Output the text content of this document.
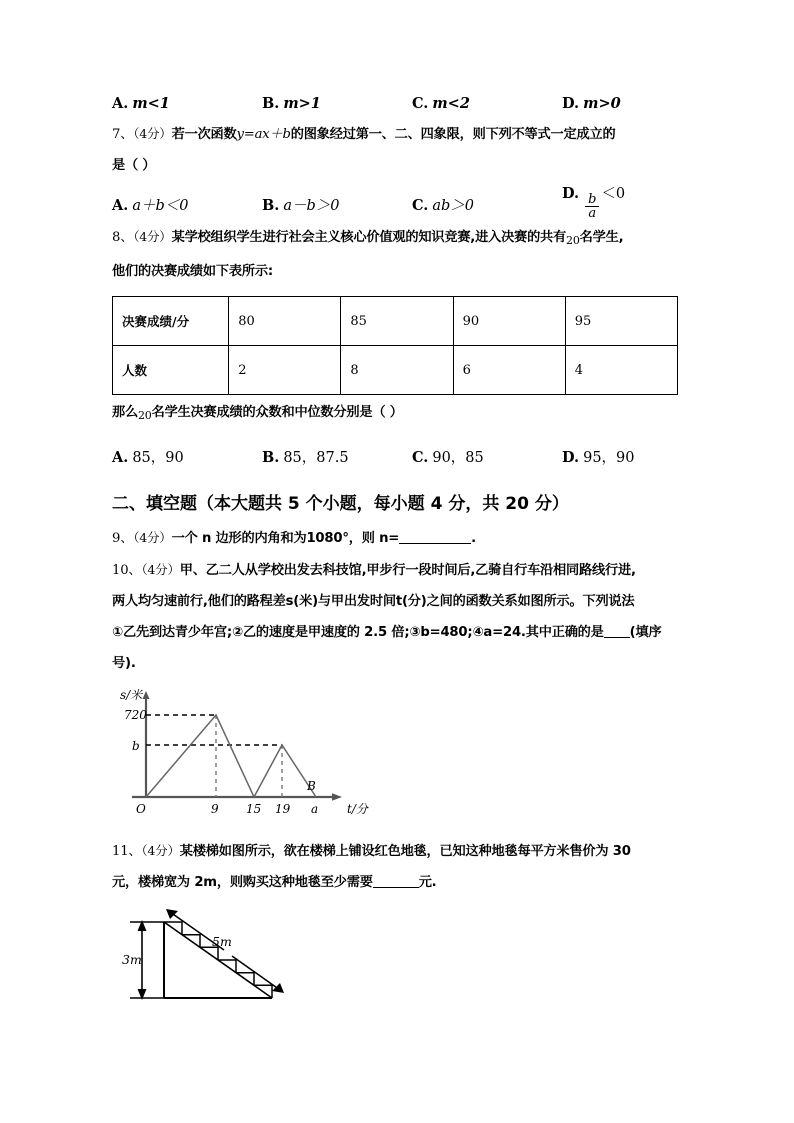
A. m<1	B. m>1	C. m<2	D. m>0
7、（4分）若一次函数y=ax＋b的图象经过第一、二、四象限，则下列不等式一定成立的
是（ ）
A. a＋b＜0	B. a－b＞0	C. ab＞0
D. $\frac{b}{a} <0$
8、（4分）某学校组织学生进行社会主义核心价值观的知识竞赛,进入决赛的共有$_{20}$名学生,
他们的决赛成绩如下表所示:
决赛成绩/分	80	85	90	95
人数	2	8	6	4
那么$_{20}$名学生决赛成绩的众数和中位数分别是（ ）
A. 85，90	B. 85，87.5	C. 90，85	D. 95，90
二、填空题（本大题共 5 个小题，每小题 4 分，共 20 分）
9、（4分）一个 n 边形的内角和为1080°，则 n=	.
10、（4分）甲、乙二人从学校出发去科技馆,甲步行一段时间后,乙骑自行车沿相同路线行进,
两人均匀速前行,他们的路程差s(米)与甲出发时间t(分)之间的函数关系如图所示。下列说法
①乙先到达青少年宫;②乙的速度是甲速度的 2.5 倍;③b=480;④a=24.其中正确的是 (填序
号).
720
b
O	9 15 19 a
B
s/米
t/分
11、（4分）某楼梯如图所示，欲在楼梯上铺设红色地毯，已知这种地毯每平方米售价为 30
元，楼梯宽为 2m，则购买这种地毯至少需要	元.
3m
5m
